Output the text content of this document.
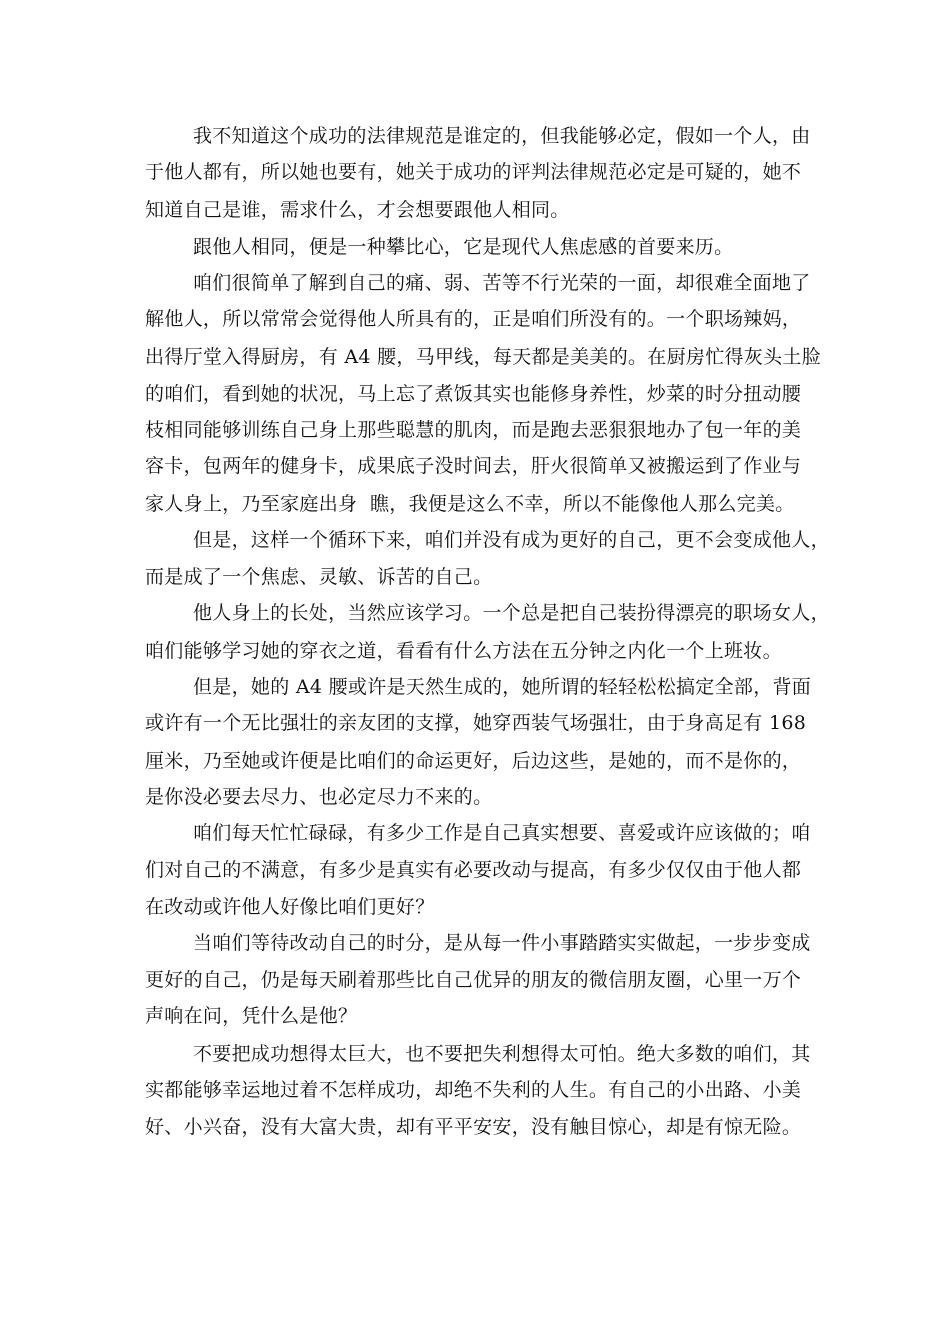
我不知道这个成功的法律规范是谁定的，但我能够必定，假如一个人，由
于他人都有，所以她也要有，她关于成功的评判法律规范必定是可疑的，她不
知道自己是谁，需求什么，才会想要跟他人相同。
跟他人相同，便是一种攀比心，它是现代人焦虑感的首要来历。
咱们很简单了解到自己的痛、弱、苦等不行光荣的一面，却很难全面地了
解他人，所以常常会觉得他人所具有的，正是咱们所没有的。一个职场辣妈，
出得厅堂入得厨房，有 A4 腰，马甲线，每天都是美美的。在厨房忙得灰头土脸
的咱们，看到她的状况，马上忘了煮饭其实也能修身养性，炒菜的时分扭动腰
枝相同能够训练自己身上那些聪慧的肌肉，而是跑去恶狠狠地办了包一年的美
容卡，包两年的健身卡，成果底子没时间去，肝火很简单又被搬运到了作业与
家人身上，乃至家庭出身  瞧，我便是这么不幸，所以不能像他人那么完美。
但是，这样一个循环下来，咱们并没有成为更好的自己，更不会变成他人，
而是成了一个焦虑、灵敏、诉苦的自己。
他人身上的长处，当然应该学习。一个总是把自己装扮得漂亮的职场女人，
咱们能够学习她的穿衣之道，看看有什么方法在五分钟之内化一个上班妆。
但是，她的 A4 腰或许是天然生成的，她所谓的轻轻松松搞定全部，背面
或许有一个无比强壮的亲友团的支撑，她穿西装气场强壮，由于身高足有 168
厘米，乃至她或许便是比咱们的命运更好，后边这些，是她的，而不是你的，
是你没必要去尽力、也必定尽力不来的。
咱们每天忙忙碌碌，有多少工作是自己真实想要、喜爱或许应该做的；咱
们对自己的不满意，有多少是真实有必要改动与提高，有多少仅仅由于他人都
在改动或许他人好像比咱们更好？
当咱们等待改动自己的时分，是从每一件小事踏踏实实做起，一步步变成
更好的自己，仍是每天刷着那些比自己优异的朋友的微信朋友圈，心里一万个
声响在问，凭什么是他？
不要把成功想得太巨大，也不要把失利想得太可怕。绝大多数的咱们，其
实都能够幸运地过着不怎样成功，却绝不失利的人生。有自己的小出路、小美
好、小兴奋，没有大富大贵，却有平平安安，没有触目惊心，却是有惊无险。
